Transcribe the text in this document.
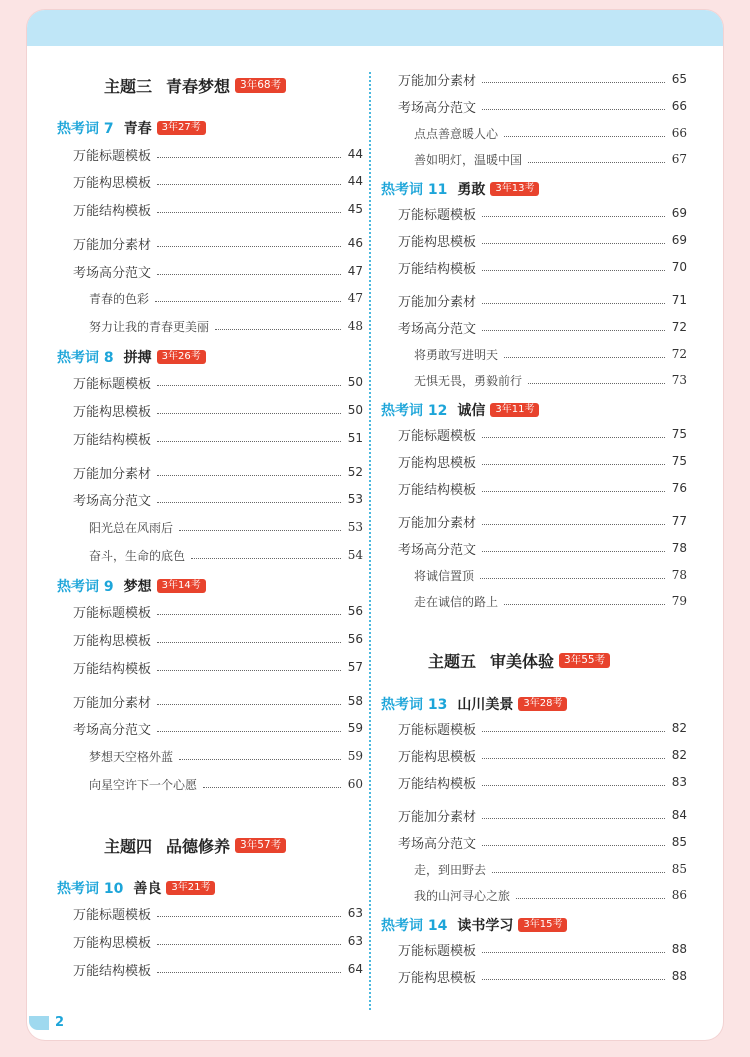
主题三 青春梦想 3年68考
热考词 7 青春	3年27考
万能标题模板	44
万能构思模板	44
万能结构模板	45
万能加分素材	46
考场高分范文	47
青春的色彩	47
努力让我的青春更美丽	48
热考词 8 拼搏	3年26考
万能标题模板	50
万能构思模板	50
万能结构模板	51
万能加分素材	52
考场高分范文	53
阳光总在风雨后	53
奋斗，生命的底色	54
热考词 9 梦想	3年14考
万能标题模板	56
万能构思模板	56
万能结构模板	57
万能加分素材	58
考场高分范文	59
梦想天空格外蓝	59
向星空许下一个心愿	60
主题四 品德修养 3年57考
热考词 10 善良	3年21考
万能标题模板	63
万能构思模板	63
万能结构模板	64
万能加分素材	65
考场高分范文	66
点点善意暖人心	66
善如明灯，温暖中国	67
热考词 11 勇敢	3年13考
万能标题模板	69
万能构思模板	69
万能结构模板	70
万能加分素材	71
考场高分范文	72
将勇敢写进明天	72
无惧无畏，勇毅前行	73
热考词 12 诚信	3年11考
万能标题模板	75
万能构思模板	75
万能结构模板	76
万能加分素材	77
考场高分范文	78
将诚信置顶	78
走在诚信的路上	79
主题五 审美体验 3年55考
热考词 13 山川美景	3年28考
万能标题模板	82
万能构思模板	82
万能结构模板	83
万能加分素材	84
考场高分范文	85
走，到田野去	85
我的山河寻心之旅	86
热考词 14 读书学习	3年15考
万能标题模板	88
万能构思模板	88
2
